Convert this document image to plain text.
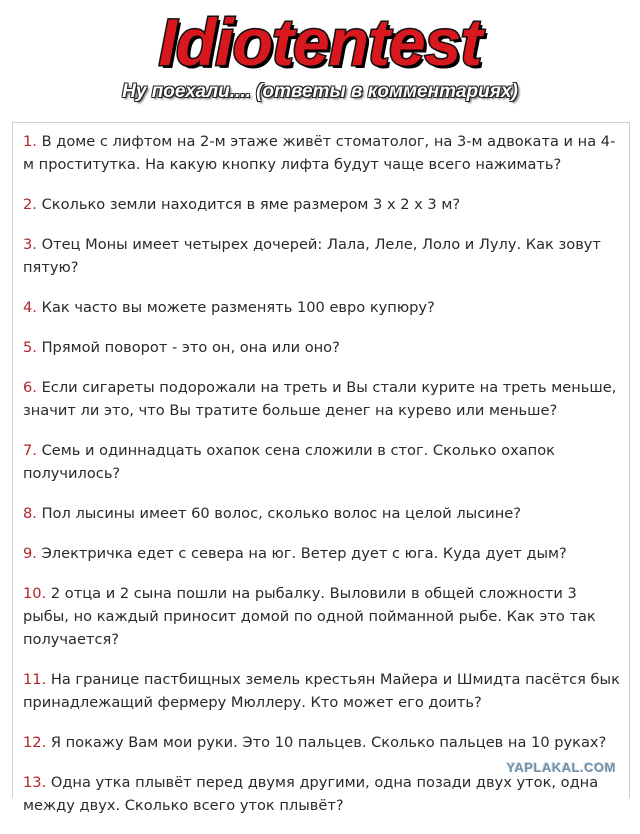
Idiotentest
Ну поехали.... (ответы в комментариях)
1. В доме с лифтом на 2-м этаже живёт стоматолог, на 3-м адвоката и на 4-м проститутка. На какую кнопку лифта будут чаще всего нажимать?
2. Сколько земли находится в яме размером 3 x 2 x 3 м?
3. Отец Моны имеет четырех дочерей: Лала, Леле, Лоло и Лулу. Как зовут пятую?
4. Как часто вы можете разменять 100 евро купюру?
5. Прямой поворот - это он, она или оно?
6. Если сигареты подорожали на треть и Вы стали курите на треть меньше, значит ли это, что Вы тратите больше денег на курево или меньше?
7. Семь и одиннадцать охапок сена сложили в стог. Сколько охапок получилось?
8. Пол лысины имеет 60 волос, сколько волос на целой лысине?
9. Электричка едет с севера на юг. Ветер дует с юга. Куда дует дым?
10. 2 отца и 2 сына пошли на рыбалку. Выловили в общей сложности 3 рыбы, но каждый приносит домой по одной пойманной рыбе. Как это так получается?
11. На границе пастбищных земель крестьян Майера и Шмидта пасётся бык принадлежащий фермеру Мюллеру. Кто может его доить?
12. Я покажу Вам мои руки. Это 10 пальцев. Сколько пальцев на 10 руках?
13. Одна утка плывёт перед двумя другими, одна позади двух уток, одна между двух. Сколько всего уток плывёт?
YAPLAKAL.COM
